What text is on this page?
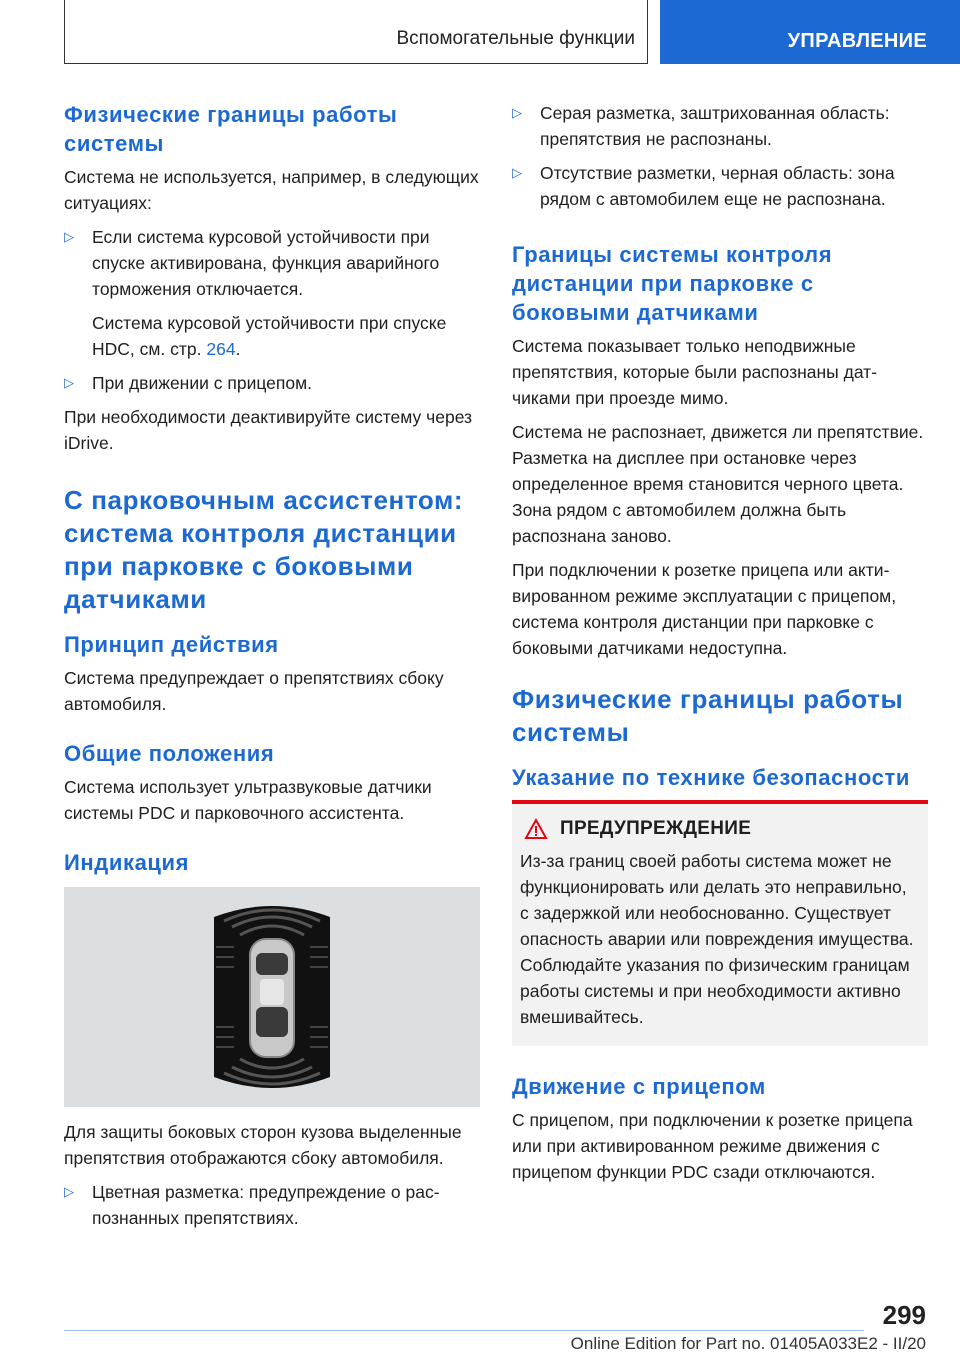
Вспомогательные функции	УПРАВЛЕНИЕ
Физические границы работы системы
Система не используется, например, в следующих ситуациях:
▷ Если система курсовой устойчивости при спуске активирована, функция аварийного торможения отключается.
Система курсовой устойчивости при спуске HDC, см. стр. 264.
▷ При движении с прицепом.
При необходимости деактивируйте систему через iDrive.
С парковочным ассистентом: система контроля дистанции при парковке с боковыми датчиками
Принцип действия
Система предупреждает о препятствиях сбоку автомобиля.
Общие положения
Система использует ультразвуковые датчики системы PDC и парковочного ассистента.
Индикация
Для защиты боковых сторон кузова выделенные препятствия отображаются сбоку автомобиля.
▷ Цветная разметка: предупреждение о распознанных препятствиях.
▷ Серая разметка, заштрихованная область: препятствия не распознаны.
▷ Отсутствие разметки, черная область: зона рядом с автомобилем еще не распознана.
Границы системы контроля дистанции при парковке с боковыми датчиками
Система показывает только неподвижные препятствия, которые были распознаны датчиками при проезде мимо.
Система не распознает, движется ли препятствие. Разметка на дисплее при остановке через определенное время становится черного цвета. Зона рядом с автомобилем должна быть распознана заново.
При подключении к розетке прицепа или активированном режиме эксплуатации с прицепом, система контроля дистанции при парковке с боковыми датчиками недоступна.
Физические границы работы системы
Указание по технике безопасности
ПРЕДУПРЕЖДЕНИЕ
Из-за границ своей работы система может не функционировать или делать это неправильно, с задержкой или необоснованно. Существует опасность аварии или повреждения имущества. Соблюдайте указания по физическим границам работы системы и при необходимости активно вмешивайтесь.
Движение с прицепом
С прицепом, при подключении к розетке прицепа или при активированном режиме движения с прицепом функции PDC сзади отключаются.
299
Online Edition for Part no. 01405A033E2 - II/20
